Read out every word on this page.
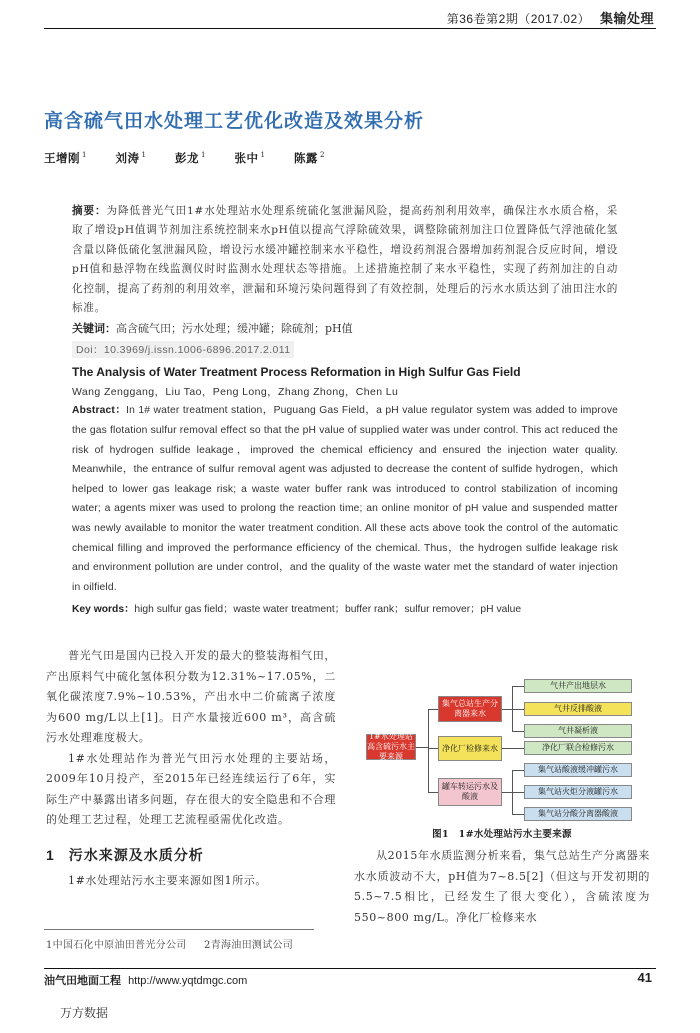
第36卷第2期（2017.02） 集输处理
高含硫气田水处理工艺优化改造及效果分析
王增刚 $^1$ 刘涛 $^1$ 彭龙 $^1$ 张中 $^1$ 陈露 $^2$

摘要：为降低普光气田1#水处理站水处理系统硫化氢泄漏风险，提高药剂利用效率，确保注水水质合格，采取了增设pH值调节剂加注系统控制来水pH值以提高气浮除硫效果，调整除硫剂加注口位置降低气浮池硫化氢含量以降低硫化氢泄漏风险，增设污水缓冲罐控制来水平稳性，增设药剂混合器增加药剂混合反应时间，增设pH值和悬浮物在线监测仪时时监测水处理状态等措施。上述措施控制了来水平稳性，实现了药剂加注的自动化控制，提高了药剂的利用效率，泄漏和环境污染问题得到了有效控制，处理后的污水水质达到了油田注水的标准。

关键词：高含硫气田；污水处理；缓冲罐；除硫剂；pH值

Doi：10.3969/j.issn.1006-6896.2017.2.011

The Analysis of Water Treatment Process Reformation in High Sulfur Gas Field

Wang Zenggang，Liu Tao，Peng Long，Zhang Zhong，Chen Lu

Abstract：In 1# water treatment station，Puguang Gas Field，a pH value regulator system was added to improve the gas flotation sulfur removal effect so that the pH value of supplied water was under control. This act reduced the risk of hydrogen sulfide leakage，improved the chemical efficiency and ensured the injection water quality. Meanwhile，the entrance of sulfur removal agent was adjusted to decrease the content of sulfide hydrogen，which helped to lower gas leakage risk; a waste water buffer rank was introduced to control stabilization of incoming water; a agents mixer was used to prolong the reaction time; an online monitor of pH value and suspended matter was newly available to monitor the water treatment condition. All these acts above took the control of the automatic chemical filling and improved the performance efficiency of the chemical. Thus，the hydrogen sulfide leakage risk and environment pollution are under control，and the quality of the waste water met the standard of water injection in oilfield.

Key words：high sulfur gas field；waste water treatment；buffer rank；sulfur remover；pH value

普光气田是国内已投入开发的最大的整装海相气田，产出原料气中硫化氢体积分数为12.31%~17.05%，二氧化碳浓度7.9%~10.53%，产出水中二价硫离子浓度为600 mg/L以上[1]。日产水量接近600 m³，高含硫污水处理难度极大。

1#水处理站作为普光气田污水处理的主要站场，2009年10月投产，至2015年已经连续运行了6年，实际生产中暴露出诸多问题，存在很大的安全隐患和不合理的处理工艺过程，处理工艺流程亟需优化改造。

1 污水来源及水质分析

1#水处理站污水主要来源如图1所示。

1#水处理站高含硫污水主要来源
集气总站生产分离器来水
净化厂检修来水
罐车转运污水及酸液
气井产出地层水
气井反排酸液
气井凝析液
净化厂联合检修污水
集气站酸液缓冲罐污水
集气站火炬分液罐污水
集气站分酸分离器酸液
图1　1#水处理站污水主要来源

从2015年水质监测分析来看，集气总站生产分离器来水水质波动不大，pH值为7~8.5[2]（但这与开发初期的5.5~7.5相比，已经发生了很大变化），含硫浓度为550~800 mg/L。净化厂检修来水

1中国石化中原油田普光分公司 2青海油田测试公司
油气田地面工程 http://www.yqtdmgc.com	41
万方数据
